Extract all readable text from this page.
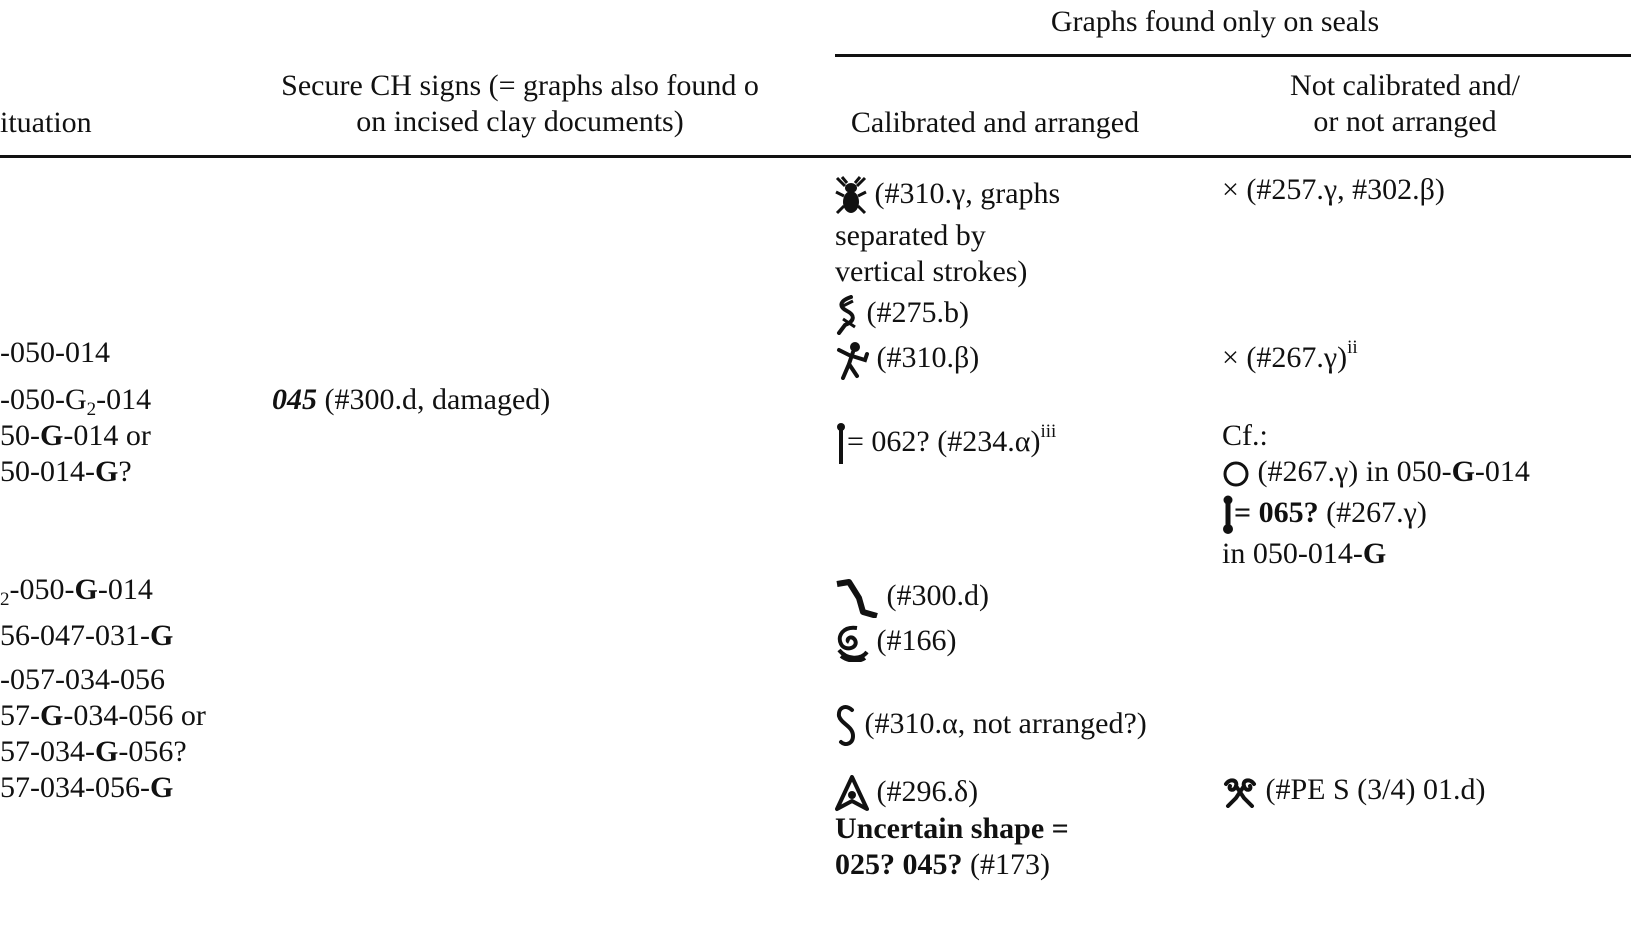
Graphs found only on seals
ituation
Secure CH signs (= graphs also found o
on incised clay documents)	Calibrated and arranged
Not calibrated and/
or not arranged
-050-014
$-050-G_2-014$
50-G-014 or
50-014-G?
$_2$-050-G-014
56-047-031-G
-057-034-056
57-G-034-056 or
57-034-G-056?
57-034-056-G
045 (#300.d, damaged)
(#310.γ, graphs
separated by
vertical strokes)
(#275.b)
(#310.β)
= 062? (#234.α)$^{iii}$
(#300.d)
(#166)
(#310.α, not arranged?)
(#296.δ)
Uncertain shape =
025? 045? (#173)
× (#257.γ, #302.β)
× (#267.γ)$^{ii}$
Cf.:
(#267.γ) in 050-G-014
= 065? (#267.γ)
in 050-014-G
(#PE S (3/4) 01.d)
